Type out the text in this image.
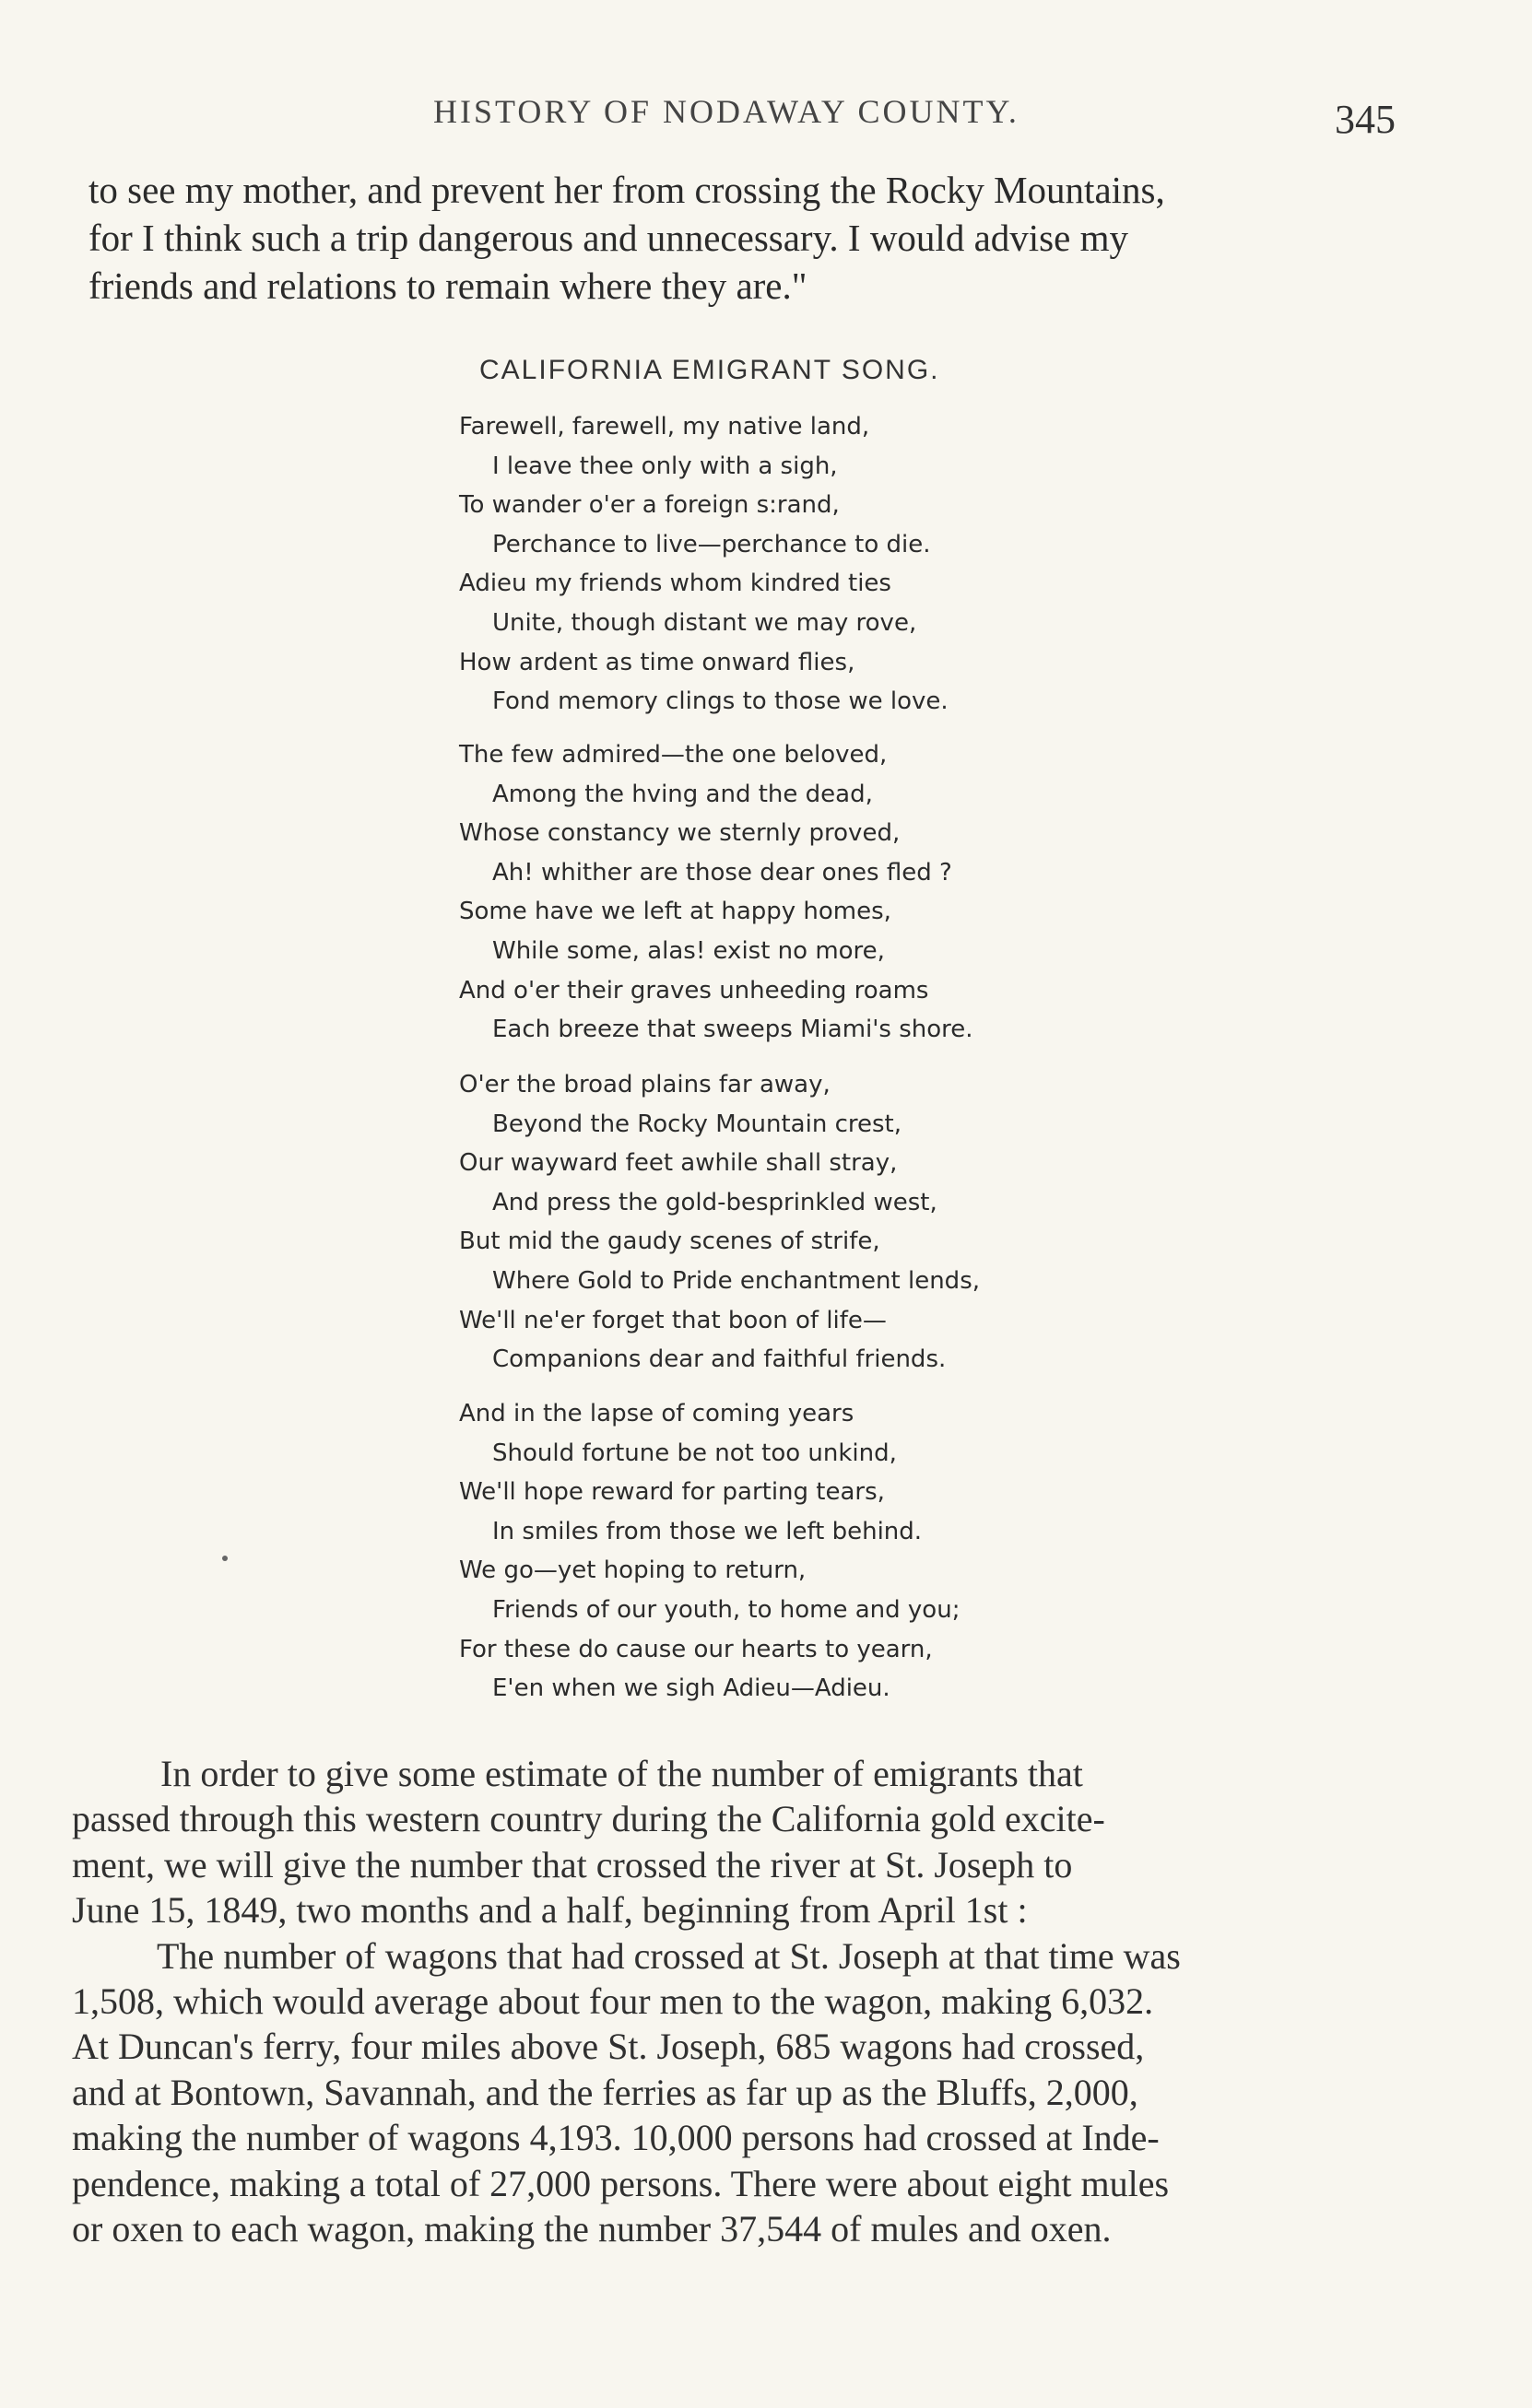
HISTORY OF NODAWAY COUNTY.	345
to see my mother, and prevent her from crossing the Rocky Mountains,
for I think such a trip dangerous and unnecessary. I would advise my
friends and relations to remain where they are."
CALIFORNIA EMIGRANT SONG.
Farewell, farewell, my native land,
I leave thee only with a sigh,
To wander o'er a foreign s:rand,
Perchance to live—perchance to die.
Adieu my friends whom kindred ties
Unite, though distant we may rove,
How ardent as time onward flies,
Fond memory clings to those we love.
The few admired—the one beloved,
Among the hving and the dead,
Whose constancy we sternly proved,
Ah! whither are those dear ones fled ?
Some have we left at happy homes,
While some, alas! exist no more,
And o'er their graves unheeding roams
Each breeze that sweeps Miami's shore.
O'er the broad plains far away,
Beyond the Rocky Mountain crest,
Our wayward feet awhile shall stray,
And press the gold-besprinkled west,
But mid the gaudy scenes of strife,
Where Gold to Pride enchantment lends,
We'll ne'er forget that boon of life—
Companions dear and faithful friends.
And in the lapse of coming years
Should fortune be not too unkind,
We'll hope reward for parting tears,
In smiles from those we left behind.
We go—yet hoping to return,
Friends of our youth, to home and you;
For these do cause our hearts to yearn,
E'en when we sigh Adieu—Adieu.
In order to give some estimate of the number of emigrants that
passed through this western country during the California gold excite-
ment, we will give the number that crossed the river at St. Joseph to
June 15, 1849, two months and a half, beginning from April 1st :
The number of wagons that had crossed at St. Joseph at that time was
1,508, which would average about four men to the wagon, making 6,032.
At Duncan's ferry, four miles above St. Joseph, 685 wagons had crossed,
and at Bontown, Savannah, and the ferries as far up as the Bluffs, 2,000,
making the number of wagons 4,193. 10,000 persons had crossed at Inde-
pendence, making a total of 27,000 persons. There were about eight mules
or oxen to each wagon, making the number 37,544 of mules and oxen.
